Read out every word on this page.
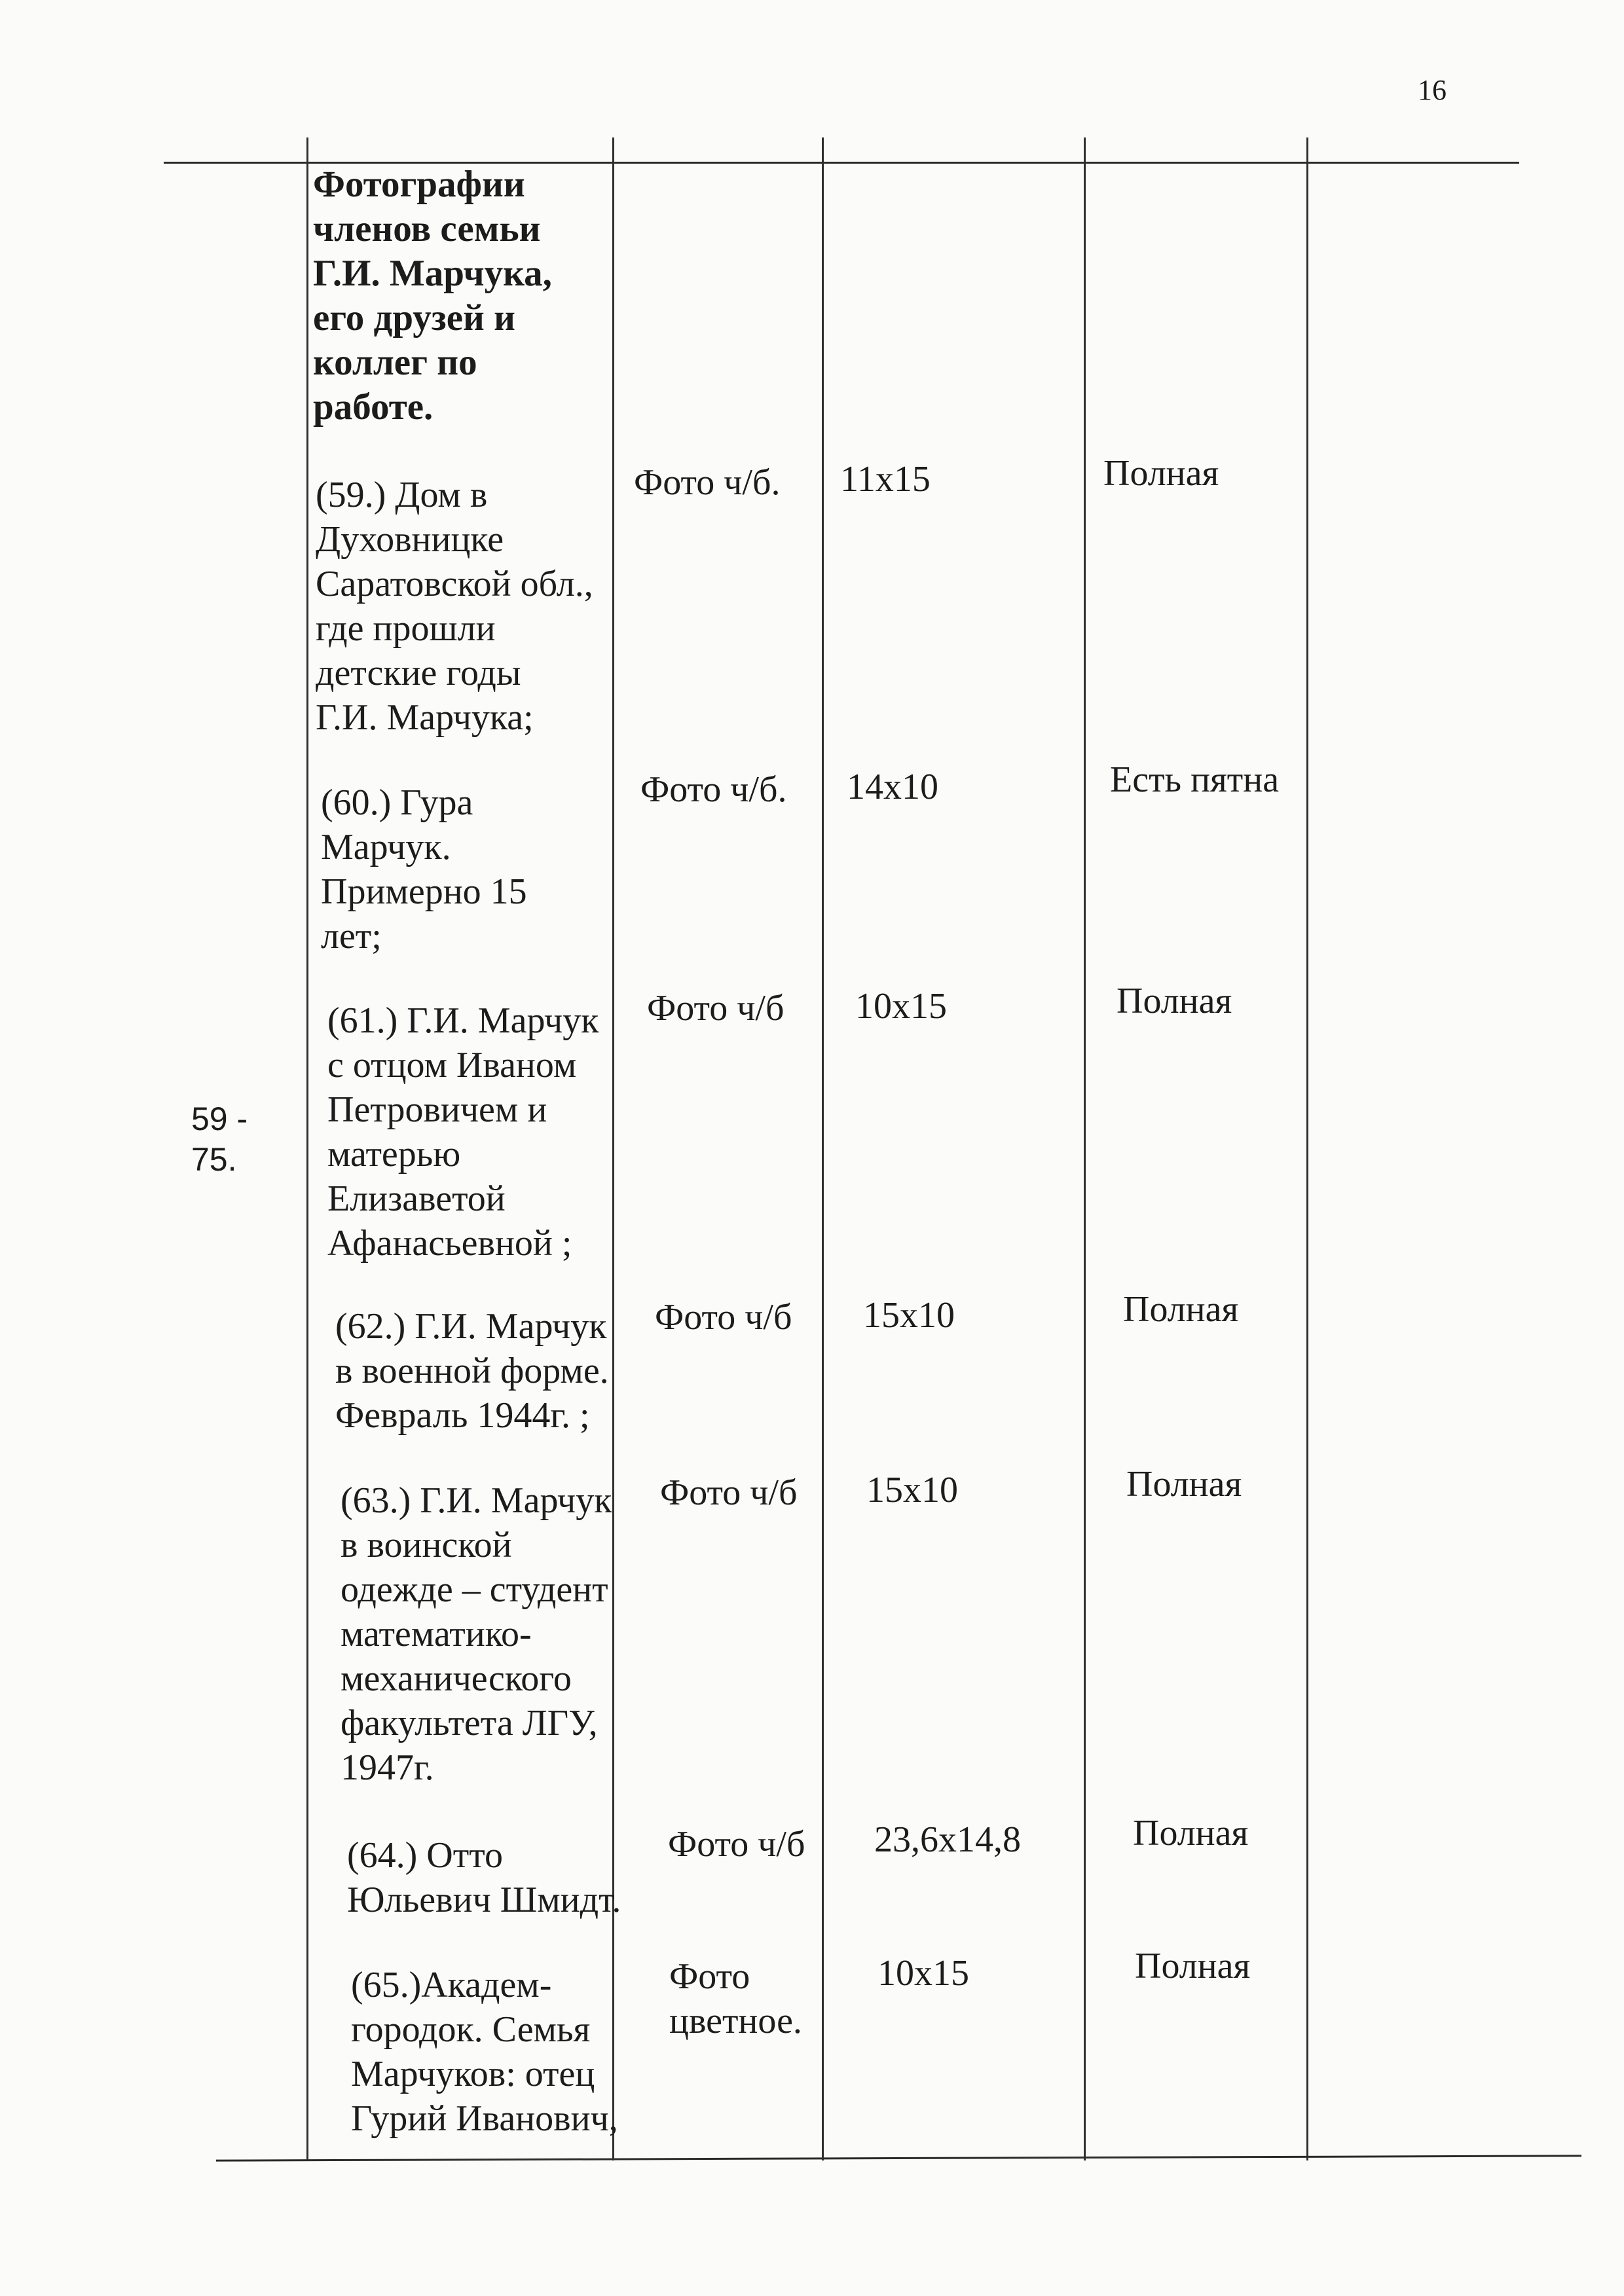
16
59 -
75.
Фотографии
членов семьи
Г.И. Марчука,
его друзей и
коллег по
работе.
(59.) Дом в
Духовницке
Саратовской обл.,
где прошли
детские годы
Г.И. Марчука;
Фото ч/б. 11x15	Полная
(60.) Гура
Марчук.
Примерно 15
лет;
Фото ч/б. 14x10	Есть пятна
(61.) Г.И. Марчук
с отцом Иваном
Петровичем и
матерью
Елизаветой
Афанасьевной ;
Фото ч/б 10x15	Полная
(62.) Г.И. Марчук
в военной форме.
Февраль 1944г. ;
Фото ч/б 15x10	Полная
(63.) Г.И. Марчук
в воинской
одежде – студент
математико-
механического
факультета ЛГУ,
1947г.
Фото ч/б 15x10	Полная
(64.) Отто
Юльевич Шмидт.
Фото ч/б 23,6x14,8	Полная
(65.)Академ-
городок. Семья
Марчуков: отец
Гурий Иванович,
Фото
цветное.
10x15	Полная
